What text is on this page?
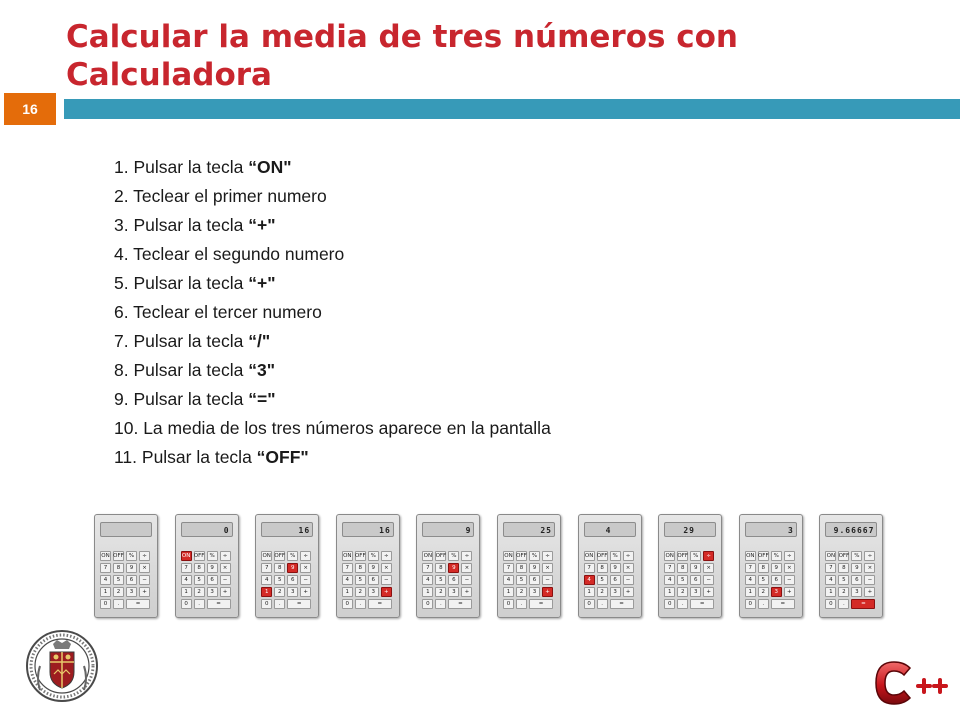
Calcular la media de tres números con Calculadora
16
1. Pulsar la tecla “ON"
2. Teclear el primer numero
3. Pulsar la tecla “+"
4. Teclear el segundo numero
5. Pulsar la tecla “+"
6. Teclear el tercer numero
7. Pulsar la tecla “/"
8. Pulsar la tecla “3"
9. Pulsar la tecla “="
10. La media de los tres números aparece en la pantalla
11. Pulsar la tecla “OFF"
ON OFF %	÷
7	8	9	×
4	5	6	−
1	2	3	+
0	.	=
0
ON OFF %	÷
7	8	9	×
4	5	6	−
1	2	3	+
0	.	=
16
ON OFF %	÷
7	8	9	×
4	5	6	−
1	2	3	+
0	.	=
16
ON OFF %	÷
7	8	9	×
4	5	6	−
1	2	3	+
0	.	=
9
ON OFF %	÷
7	8	9	×
4	5	6	−
1	2	3	+
0	.	=
25
ON OFF %	÷
7	8	9	×
4	5	6	−
1	2	3	+
0	.	=
4
ON OFF %	÷
7	8	9	×
4	5	6	−
1	2	3	+
0	.	=
29
ON OFF %	÷
7	8	9	×
4	5	6	−
1	2	3	+
0	.	=
3
ON OFF %	÷
7	8	9	×
4	5	6	−
1	2	3	+
0	.	=
9.66667
ON OFF %	÷
7	8	9	×
4	5	6	−
1	2	3	+
0	.	=
